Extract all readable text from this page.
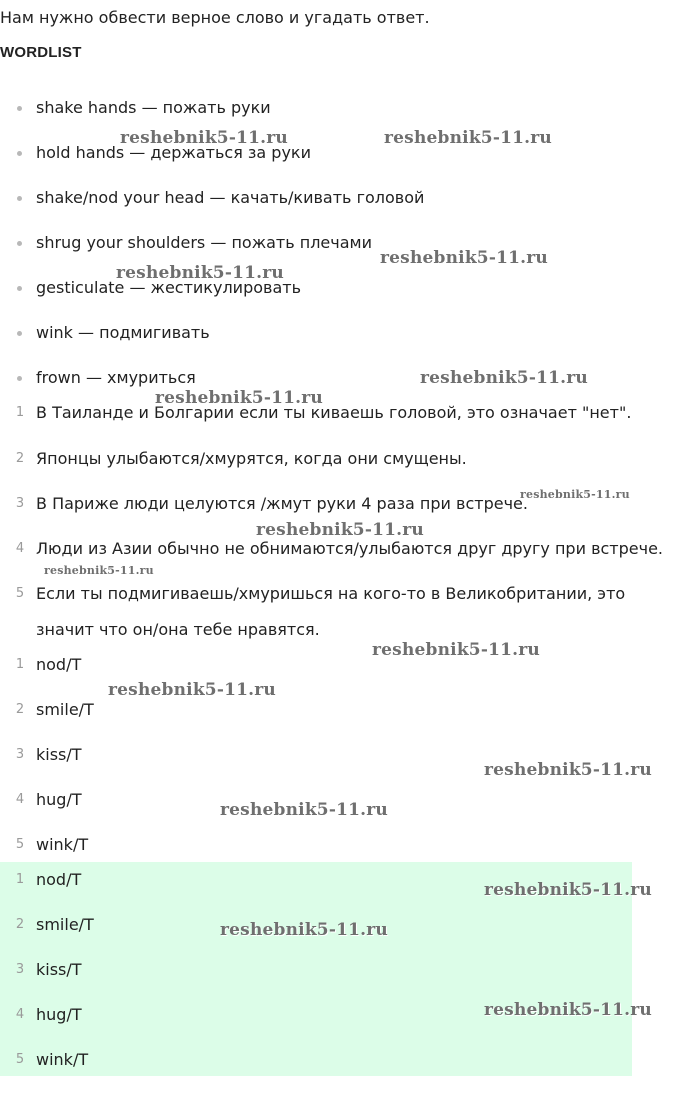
Нам нужно обвести верное слово и угадать ответ.
WORDLIST
shake hands — пожать руки
hold hands — держаться за руки
shake/nod your head — качать/кивать головой
shrug your shoulders — пожать плечами
gesticulate — жестикулировать
wink — подмигивать
frown — хмуриться
1 В Таиланде и Болгарии если ты киваешь головой, это означает "нет".
2 Японцы улыбаются/хмурятся, когда они смущены.
3 В Париже люди целуются /жмут руки 4 раза при встрече.
4 Люди из Азии обычно не обнимаются/улыбаются друг другу при встрече.
5 Если ты подмигиваешь/хмуришься на кого-то в Великобритании, это
значит что он/она тебе нравятся.
1 nod/T
2 smile/T
3 kiss/T
4 hug/T
5 wink/T
1 nod/T
2 smile/T
3 kiss/T
4 hug/T
5 wink/T
reshebnik5-11.ru	reshebnik5-11.ru
reshebnik5-11.ru
reshebnik5-11.ru
reshebnik5-11.ru
reshebnik5-11.ru
reshebnik5-11.ru
reshebnik5-11.ru
reshebnik5-11.ru
reshebnik5-11.ru
reshebnik5-11.ru
reshebnik5-11.ru
reshebnik5-11.ru
reshebnik5-11.ru
reshebnik5-11.ru
reshebnik5-11.ru
